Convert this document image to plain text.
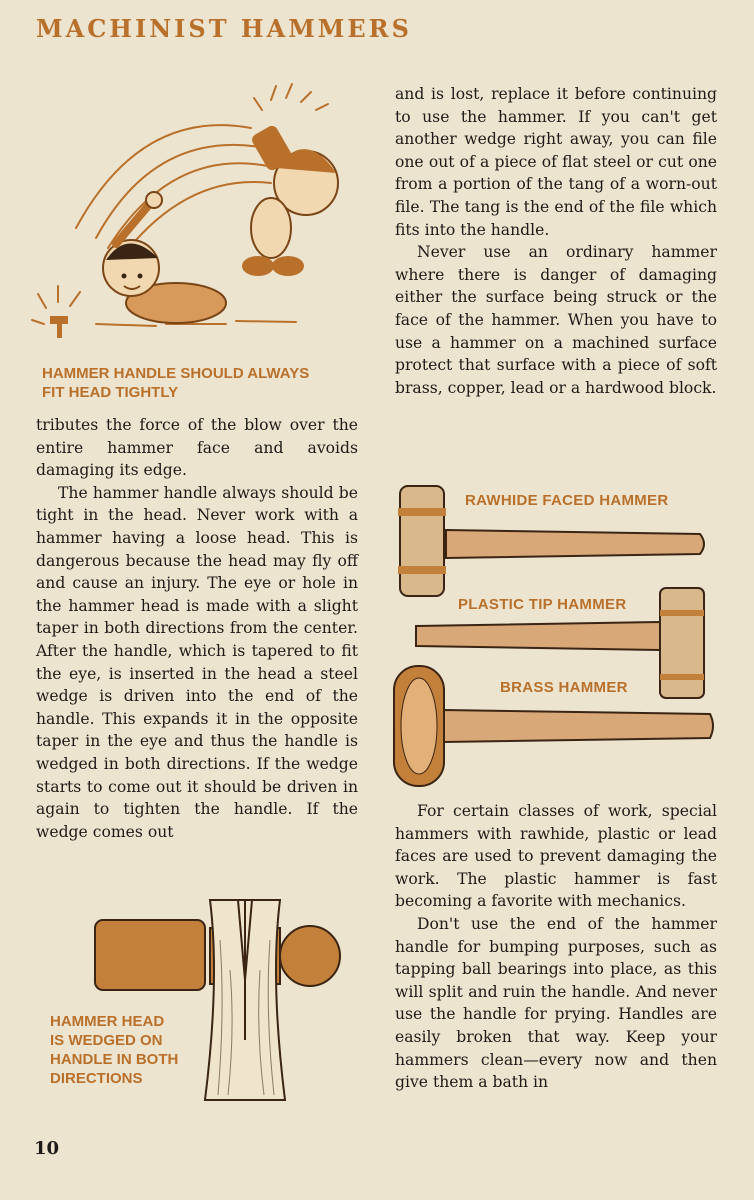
MACHINIST HAMMERS
HAMMER HANDLE SHOULD ALWAYS
FIT HEAD TIGHTLY

tributes the force of the blow over the entire hammer face and avoids damaging its edge.

The hammer handle always should be tight in the head. Never work with a hammer having a loose head. This is dangerous because the head may fly off and cause an injury. The eye or hole in the hammer head is made with a slight taper in both directions from the center. After the handle, which is tapered to fit the eye, is inserted in the head a steel wedge is driven into the end of the handle. This expands it in the opposite taper in the eye and thus the handle is wedged in both directions. If the wedge starts to come out it should be driven in again to tighten the handle. If the wedge comes out

HAMMER HEAD
IS WEDGED ON
HANDLE IN BOTH
DIRECTIONS

and is lost, replace it before continuing to use the hammer. If you can't get another wedge right away, you can file one out of a piece of flat steel or cut one from a portion of the tang of a worn-out file. The tang is the end of the file which fits into the handle.

Never use an ordinary hammer where there is danger of damaging either the surface being struck or the face of the hammer. When you have to use a hammer on a machined surface protect that surface with a piece of soft brass, copper, lead or a hardwood block.

RAWHIDE FACED HAMMER
PLASTIC TIP HAMMER
BRASS HAMMER

For certain classes of work, special hammers with rawhide, plastic or lead faces are used to prevent damaging the work. The plastic hammer is fast becoming a favorite with mechanics.

Don't use the end of the hammer handle for bumping purposes, such as tapping ball bearings into place, as this will split and ruin the handle. And never use the handle for prying. Handles are easily broken that way. Keep your hammers clean—every now and then give them a bath in

10
